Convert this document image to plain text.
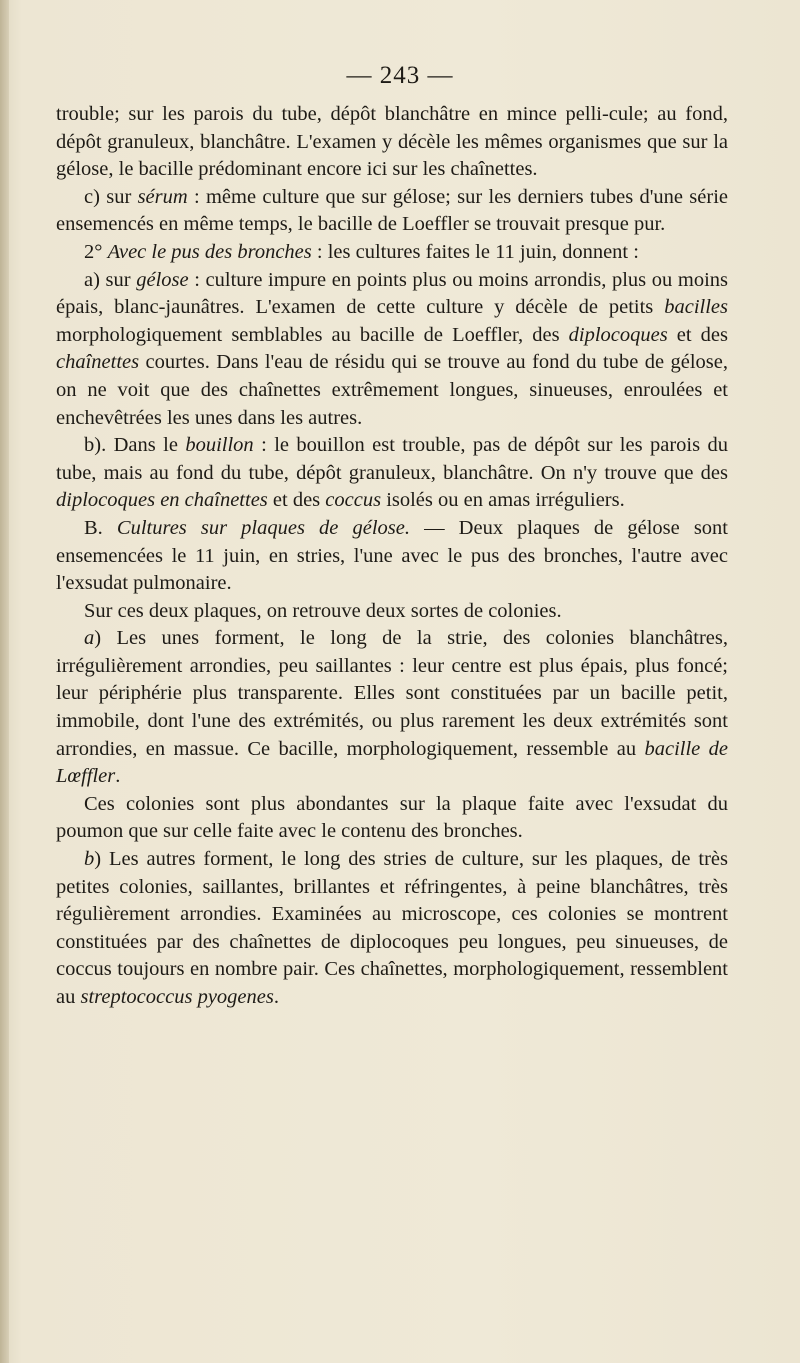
— 243 —

trouble; sur les parois du tube, dépôt blanchâtre en mince pelli-cule; au fond, dépôt granuleux, blanchâtre. L'examen y décèle les mêmes organismes que sur la gélose, le bacille prédominant encore ici sur les chaînettes.

c) sur sérum : même culture que sur gélose; sur les derniers tubes d'une série ensemencés en même temps, le bacille de Loeffler se trouvait presque pur.

2° Avec le pus des bronches : les cultures faites le 11 juin, donnent :

a) sur gélose : culture impure en points plus ou moins arrondis, plus ou moins épais, blanc-jaunâtres. L'examen de cette culture y décèle de petits bacilles morphologiquement semblables au bacille de Loeffler, des diplocoques et des chaînettes courtes. Dans l'eau de résidu qui se trouve au fond du tube de gélose, on ne voit que des chaînettes extrêmement longues, sinueuses, enroulées et enchevêtrées les unes dans les autres.

b). Dans le bouillon : le bouillon est trouble, pas de dépôt sur les parois du tube, mais au fond du tube, dépôt granuleux, blanchâtre. On n'y trouve que des diplocoques en chaînettes et des coccus isolés ou en amas irréguliers.

B. Cultures sur plaques de gélose. — Deux plaques de gélose sont ensemencées le 11 juin, en stries, l'une avec le pus des bronches, l'autre avec l'exsudat pulmonaire.

Sur ces deux plaques, on retrouve deux sortes de colonies.

a) Les unes forment, le long de la strie, des colonies blanchâtres, irrégulièrement arrondies, peu saillantes : leur centre est plus épais, plus foncé; leur périphérie plus transparente. Elles sont constituées par un bacille petit, immobile, dont l'une des extrémités, ou plus rarement les deux extrémités sont arrondies, en massue. Ce bacille, morphologiquement, ressemble au bacille de Lœffler.

Ces colonies sont plus abondantes sur la plaque faite avec l'exsudat du poumon que sur celle faite avec le contenu des bronches.

b) Les autres forment, le long des stries de culture, sur les plaques, de très petites colonies, saillantes, brillantes et réfringentes, à peine blanchâtres, très régulièrement arrondies. Examinées au microscope, ces colonies se montrent constituées par des chaînettes de diplocoques peu longues, peu sinueuses, de coccus toujours en nombre pair. Ces chaînettes, morphologiquement, ressemblent au streptococcus pyogenes.
